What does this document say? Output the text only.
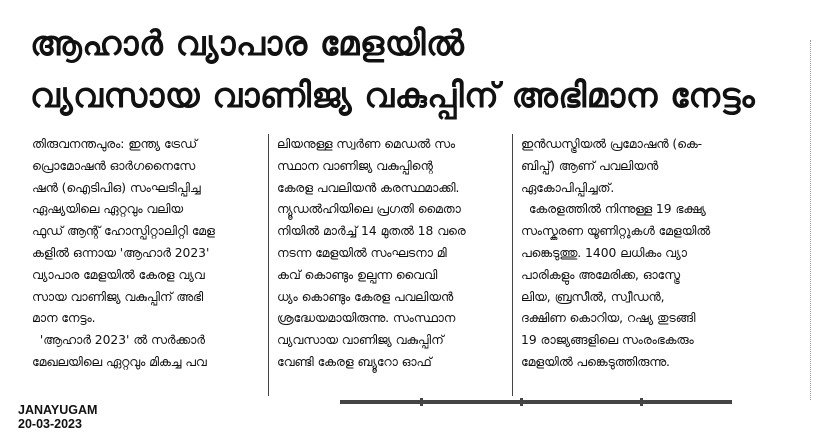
ആഹാർ വ്യാപാര മേളയിൽ
വ്യവസായ വാണിജ്യ വകുപ്പിന് അഭിമാന നേട്ടം

തിരുവനന്തപുരം: ഇന്ത്യ ട്രേഡ്

പ്രൊമോഷൻ ഓർഗനൈസേ

ഷൻ (ഐടിപിഒ) സംഘടിപ്പിച്ച

ഏഷ്യയിലെ ഏറ്റവും വലിയ

ഫുഡ് ആന്റ് ഹോസ്പിറ്റാലിറ്റി മേള

കളിൽ ഒന്നായ 'ആഹാർ 2023'

വ്യാപാര മേളയിൽ കേരള വ്യവ

സായ വാണിജ്യ വകുപ്പിന് അഭി

മാന നേട്ടം.

'ആഹാർ 2023' ൽ സർക്കാർ

മേഖലയിലെ ഏറ്റവും മികച്ച പവ

ലിയനുള്ള സ്വർണ മെഡൽ സം

സ്ഥാന വാണിജ്യ വകുപ്പിന്റെ

കേരള പവലിയൻ കരസ്ഥമാക്കി.

ന്യൂഡൽഹിയിലെ പ്രഗതി മൈതാ

നിയിൽ മാർച്ച് 14 മുതൽ 18 വരെ

നടന്ന മേളയിൽ സംഘടനാ മി

കവ് കൊണ്ടും ഉല്പന്ന വൈവി

ധ്യം കൊണ്ടും കേരള പവലിയൻ

ശ്രദ്ധേയമായിരുന്നു. സംസ്ഥാന

വ്യവസായ വാണിജ്യ വകുപ്പിന്

വേണ്ടി കേരള ബ്യൂറോ ഓഫ്

ഇൻഡസ്ട്രിയൽ പ്രമോഷൻ (കെ-

ബിപ്പ്) ആണ് പവലിയൻ

ഏകോപിപ്പിച്ചത്.

കേരളത്തിൽ നിന്നുള്ള 19 ഭക്ഷ്യ

സംസ്കരണ യൂണിറ്റുകൾ മേളയിൽ

പങ്കെടുത്തു. 1400 ലധികം വ്യാ

പാരികളും അമേരിക്ക, ഓസ്ട്രേ

ലിയ, ബ്രസീൽ, സ്വീഡൻ,

ദക്ഷിണ കൊറിയ, റഷ്യ തുടങ്ങി

19 രാജ്യങ്ങളിലെ സംരംഭകരും

മേളയിൽ പങ്കെടുത്തിരുന്നു.

JANAYUGAM
20-03-2023
